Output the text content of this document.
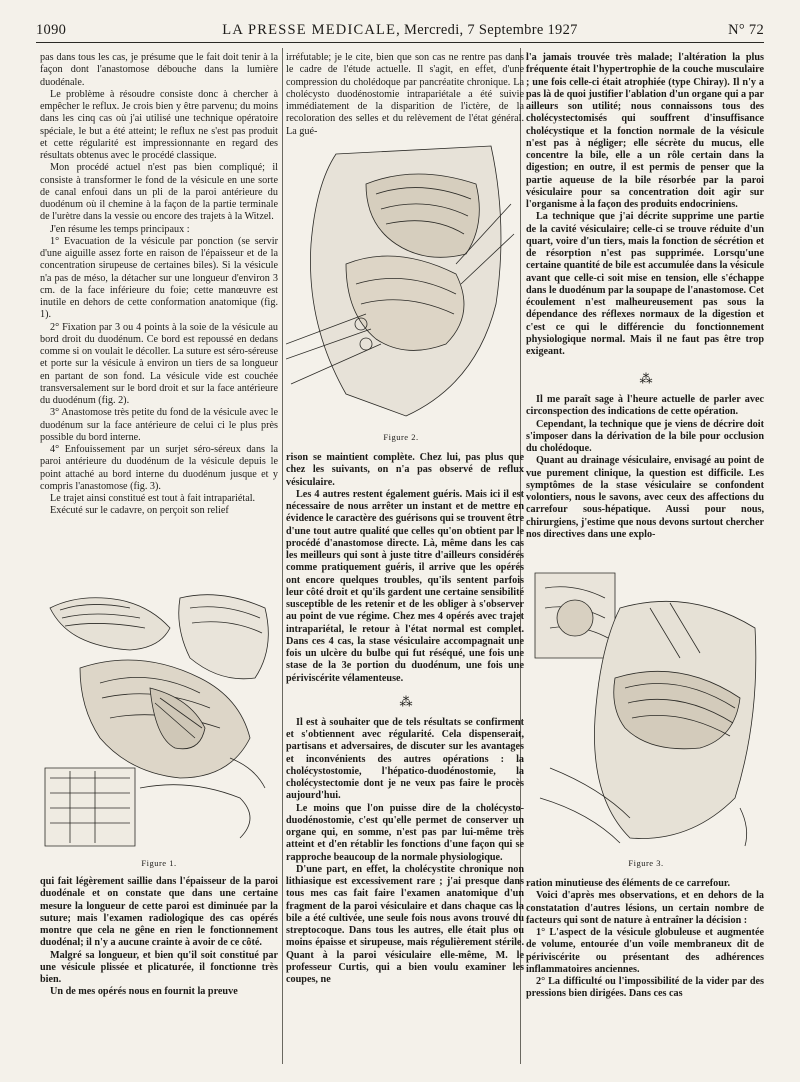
1090	LA PRESSE MEDICALE, Mercredi, 7 Septembre 1927	N° 72

pas dans tous les cas, je présume que le fait doit tenir à la façon dont l'anastomose débouche dans la lumière duodénale.

Le problème à résoudre consiste donc à chercher à empêcher le reflux. Je crois bien y être parvenu; du moins dans les cinq cas où j'ai utilisé une technique opératoire spéciale, le but a été atteint; le reflux ne s'est pas produit et cette régularité est impressionnante en regard des résultats obtenus avec le procédé classique.

Mon procédé actuel n'est pas bien compliqué; il consiste à transformer le fond de la vésicule en une sorte de canal enfoui dans un pli de la paroi antérieure du duodénum où il chemine à la façon de la partie terminale de l'urètre dans la vessie ou encore des trajets à la Witzel.

J'en résume les temps principaux :

1° Evacuation de la vésicule par ponction (se servir d'une aiguille assez forte en raison de l'épaisseur et de la concentration sirupeuse de certaines biles). Si la vésicule n'a pas de méso, la détacher sur une longueur d'environ 3 cm. de la face inférieure du foie; cette manœuvre est inutile en dehors de cette conformation anatomique (fig. 1).

2° Fixation par 3 ou 4 points à la soie de la vésicule au bord droit du duodénum. Ce bord est repoussé en dedans comme si on voulait le décoller. La suture est séro-séreuse et porte sur la vésicule à environ un tiers de sa longueur en partant de son fond. La vésicule vide est couchée transversalement sur le bord droit et sur la face antérieure du duodénum (fig. 2).

3° Anastomose très petite du fond de la vésicule avec le duodénum sur la face antérieure de celui ci le plus près possible du bord interne.

4° Enfouissement par un surjet séro-séreux dans la paroi antérieure du duodénum de la vésicule depuis le point attaché au bord interne du duodénum jusque et y compris l'anastomose (fig. 3).

Le trajet ainsi constitué est tout à fait intrapariétal.

Exécuté sur le cadavre, on perçoit son relief

Figure 1.

qui fait légèrement saillie dans l'épaisseur de la paroi duodénale et on constate que dans une certaine mesure la longueur de cette paroi est diminuée par la suture; mais l'examen radiologique des cas opérés montre que cela ne gêne en rien le fonctionnement duodénal; il n'y a aucune crainte à avoir de ce côté.

Malgré sa longueur, et bien qu'il soit constitué par une vésicule plissée et plicaturée, il fonctionne très bien.

Un de mes opérés nous en fournit la preuve

irréfutable; je le cite, bien que son cas ne rentre pas dans le cadre de l'étude actuelle. Il s'agit, en effet, d'une compression du cholédoque par pancréatite chronique. La cholécysto duodénostomie intrapariétale a été suivie immédiatement de la disparition de l'ictère, de la recoloration des selles et du relèvement de l'état général. La gué-

Figure 2.

rison se maintient complète. Chez lui, pas plus que chez les suivants, on n'a pas observé de reflux vésiculaire.

Les 4 autres restent également guéris. Mais ici il est nécessaire de nous arrêter un instant et de mettre en évidence le caractère des guérisons qui se trouvent être d'une tout autre qualité que celles qu'on obtient par le procédé d'anastomose directe. Là, même dans les cas les meilleurs qui sont à juste titre d'ailleurs considérés comme pratiquement guéris, il arrive que les opérés ont encore quelques troubles, qu'ils sentent parfois leur côté droit et qu'ils gardent une certaine sensibilité susceptible de les retenir et de les obliger à s'observer au point de vue régime. Chez mes 4 opérés avec trajet intrapariétal, le retour à l'état normal est complet. Dans ces 4 cas, la stase vésiculaire accompagnait une fois un ulcère du bulbe qui fut réséqué, une fois une stase de la 3e portion du duodénum, une fois une périviscérite vélamenteuse.

⁂

Il est à souhaiter que de tels résultats se confirment et s'obtiennent avec régularité. Cela dispenserait, partisans et adversaires, de discuter sur les avantages et inconvénients des autres opérations : la cholécystostomie, l'hépatico-duodénostomie, la cholécystectomie dont je ne veux pas faire le procès aujourd'hui.

Le moins que l'on puisse dire de la cholécysto-duodénostomie, c'est qu'elle permet de conserver un organe qui, en somme, n'est pas par lui-même très atteint et d'en rétablir les fonctions d'une façon qui se rapproche beaucoup de la normale physiologique.

D'une part, en effet, la cholécystite chronique non lithiasique est excessivement rare ; j'ai presque dans tous mes cas fait faire l'examen anatomique d'un fragment de la paroi vésiculaire et dans chaque cas la bile a été cultivée, une seule fois nous avons trouvé du streptocoque. Dans tous les autres, elle était plus ou moins épaisse et sirupeuse, mais régulièrement stérile. Quant à la paroi vésiculaire elle-même, M. le professeur Curtis, qui a bien voulu examiner les coupes, ne

l'a jamais trouvée très malade; l'altération la plus fréquente était l'hypertrophie de la couche musculaire ; une fois celle-ci était atrophiée (type Chiray). Il n'y a pas là de quoi justifier l'ablation d'un organe qui a par ailleurs son utilité; nous connaissons tous des cholécystectomisés qui souffrent d'insuffisance cholécystique et la fonction normale de la vésicule n'est pas à négliger; elle sécrète du mucus, elle concentre la bile, elle a un rôle certain dans la digestion; en outre, il est permis de penser que la partie aqueuse de la bile résorbée par la paroi vésiculaire pour sa concentration doit agir sur l'organisme à la façon des produits endocriniens.

La technique que j'ai décrite supprime une partie de la cavité vésiculaire; celle-ci se trouve réduite d'un quart, voire d'un tiers, mais la fonction de sécrétion et de résorption n'est pas supprimée. Lorsqu'une certaine quantité de bile est accumulée dans la vésicule avant que celle-ci soit mise en tension, elle s'échappe dans le duodénum par la soupape de l'anastomose. Cet écoulement n'est malheureusement pas sous la dépendance des réflexes normaux de la digestion et c'est ce qui le différencie du fonctionnement physiologique normal. Mais il ne faut pas être trop exigeant.

⁂

Il me paraît sage à l'heure actuelle de parler avec circonspection des indications de cette opération.

Cependant, la technique que je viens de décrire doit s'imposer dans la dérivation de la bile pour occlusion du cholédoque.

Quant au drainage vésiculaire, envisagé au point de vue purement clinique, la question est difficile. Les symptômes de la stase vésiculaire se confondent volontiers, nous le savons, avec ceux des affections du carrefour sous-hépatique. Aussi pour nous, chirurgiens, j'estime que nous devons surtout chercher nos directives dans une explo-

Figure 3.

ration minutieuse des éléments de ce carrefour.

Voici d'après mes observations, et en dehors de la constatation d'autres lésions, un certain nombre de facteurs qui sont de nature à entraîner la décision :

1° L'aspect de la vésicule globuleuse et augmentée de volume, entourée d'un voile membraneux dit de périviscérite ou présentant des adhérences inflammatoires anciennes.

2° La difficulté ou l'impossibilité de la vider par des pressions bien dirigées. Dans ces cas
